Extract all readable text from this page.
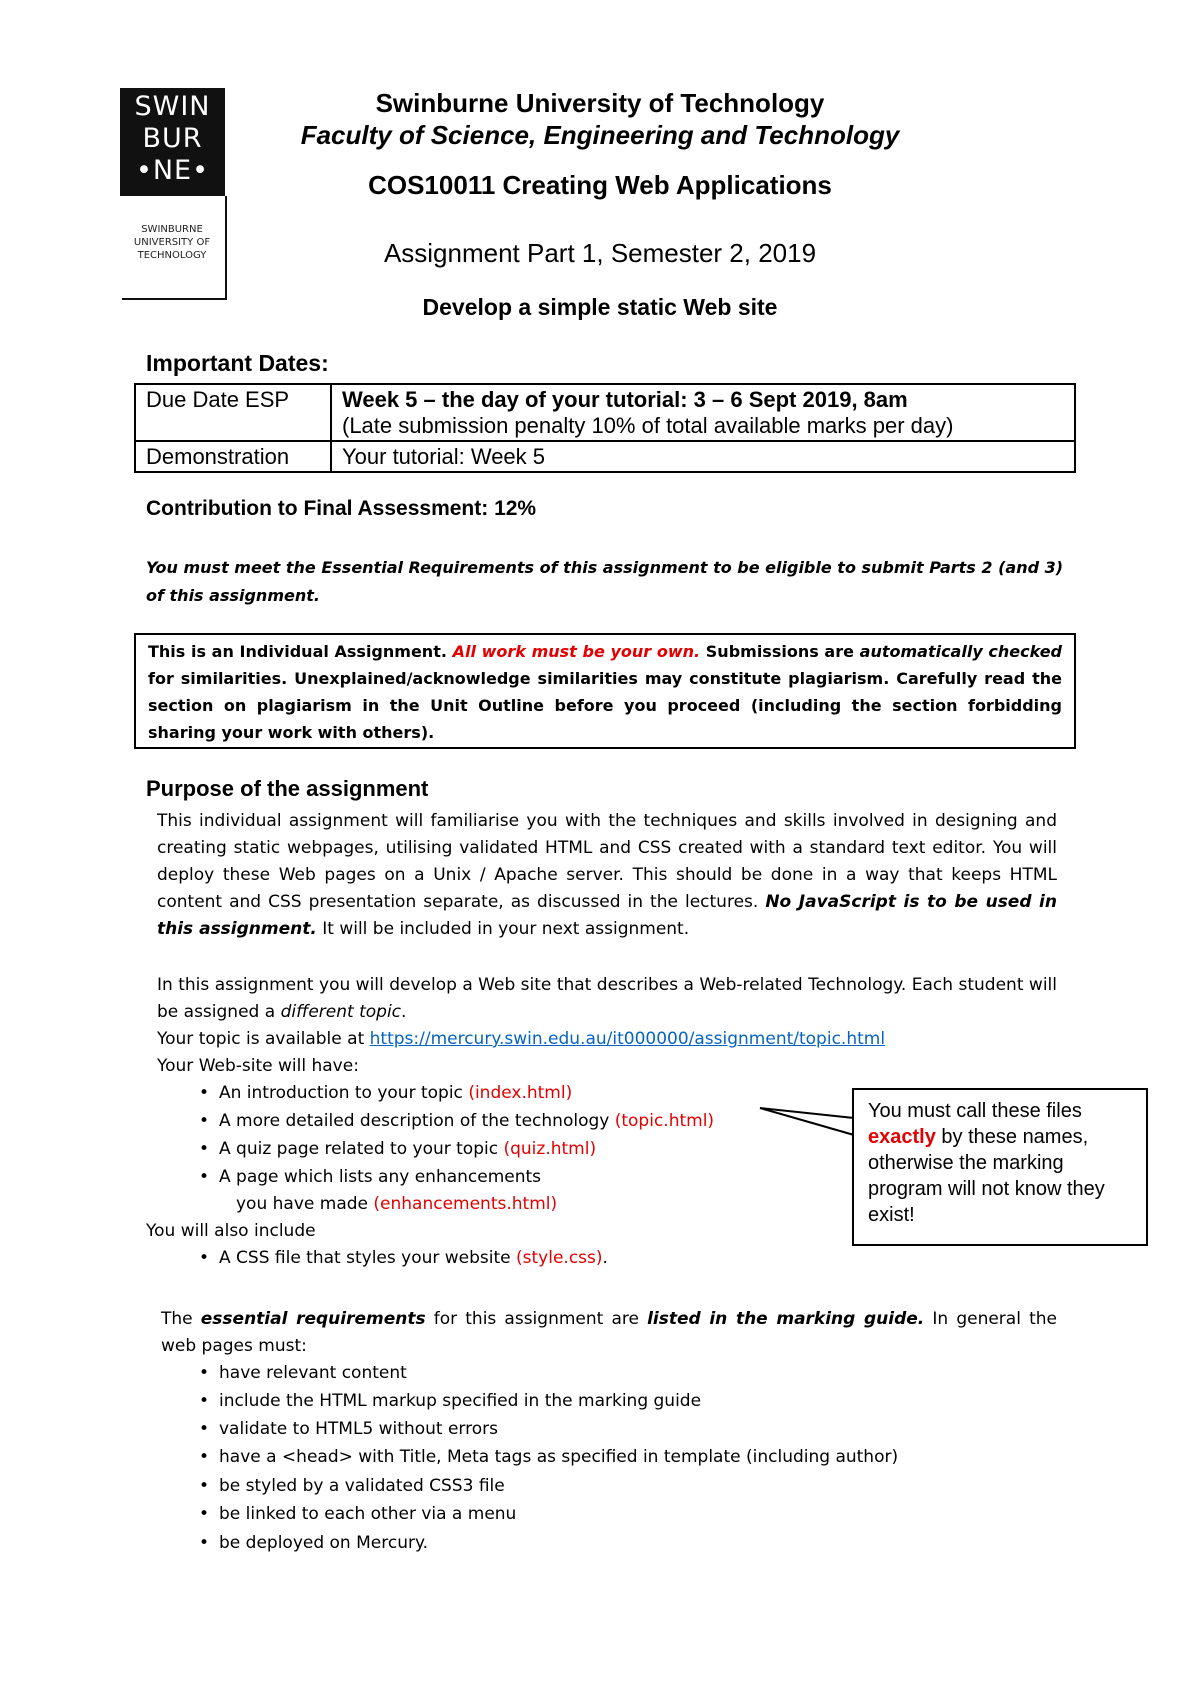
SWIN
BUR
•NE•
SWINBURNE
UNIVERSITY OF
TECHNOLOGY
Swinburne University of Technology
Faculty of Science, Engineering and Technology
COS10011 Creating Web Applications
Assignment Part 1, Semester 2, 2019
Develop a simple static Web site
Important Dates:
Due Date ESP	Week 5 – the day of your tutorial: 3 – 6 Sept 2019, 8am
(Late submission penalty 10% of total available marks per day)

Demonstration	Your tutorial: Week 5
Contribution to Final Assessment: 12%
You must meet the Essential Requirements of this assignment to be eligible to submit Parts 2 (and 3) of this assignment.
This is an Individual Assignment. All work must be your own. Submissions are automatically checked for similarities. Unexplained/acknowledge similarities may constitute plagiarism. Carefully read the section on plagiarism in the Unit Outline before you proceed (including the section forbidding sharing your work with others).
Purpose of the assignment
This individual assignment will familiarise you with the techniques and skills involved in designing and creating static webpages, utilising validated HTML and CSS created with a standard text editor. You will deploy these Web pages on a Unix / Apache server. This should be done in a way that keeps HTML content and CSS presentation separate, as discussed in the lectures. No JavaScript is to be used in this assignment. It will be included in your next assignment.
In this assignment you will develop a Web site that describes a Web-related Technology. Each student will be assigned a different topic.
Your topic is available at https://mercury.swin.edu.au/it000000/assignment/topic.html
Your Web-site will have:
• An introduction to your topic (index.html)
• A more detailed description of the technology (topic.html)
• A quiz page related to your topic (quiz.html)
• A page which lists any enhancements
you have made (enhancements.html)
You will also include
• A CSS file that styles your website (style.css).
You must call these files exactly by these names, otherwise the marking program will not know they exist!
The essential requirements for this assignment are listed in the marking guide. In general the web pages must:
• have relevant content
• include the HTML markup specified in the marking guide
• validate to HTML5 without errors
• have a <head> with Title, Meta tags as specified in template (including author)
• be styled by a validated CSS3 file
• be linked to each other via a menu
• be deployed on Mercury.
